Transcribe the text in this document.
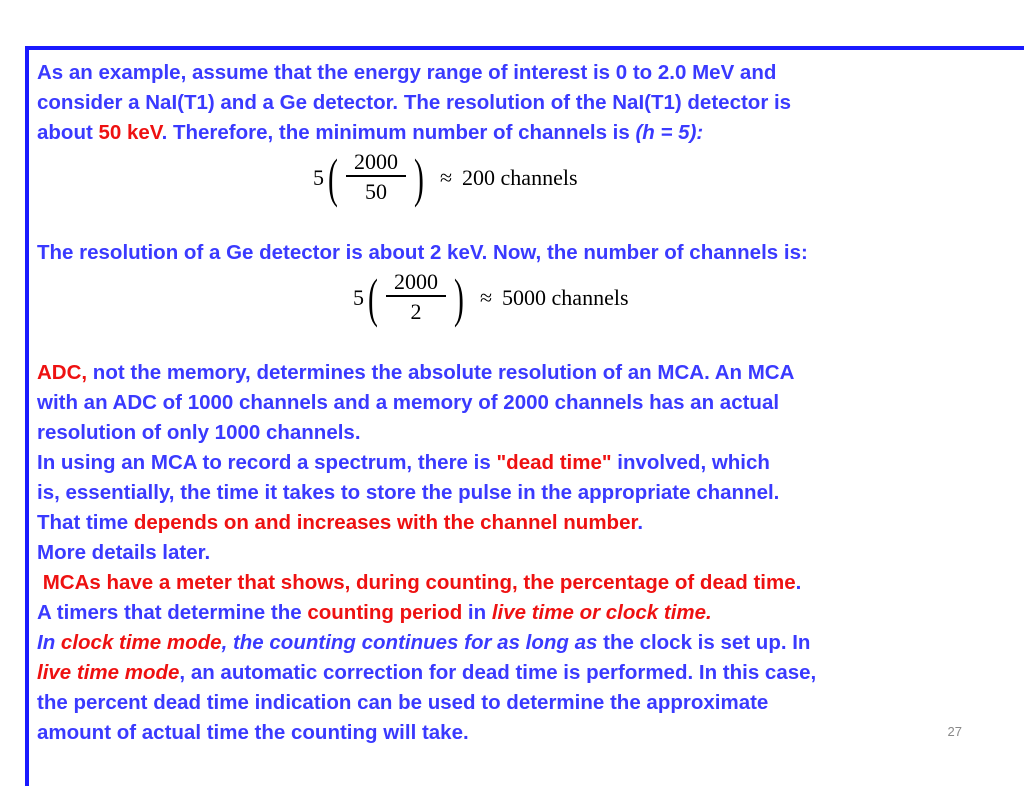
As an example, assume that the energy range of interest is 0 to 2.0 MeV and
consider a NaI(T1) and a Ge detector. The resolution of the NaI(T1) detector is
about 50 keV. Therefore, the minimum number of channels is (h = 5):
5 ( $\frac{2000}{50}$ ) ≈ 200 channels
The resolution of a Ge detector is about 2 keV. Now, the number of channels is:
5 ( $\frac{2000}{2}$ ) ≈ 5000 channels
ADC, not the memory, determines the absolute resolution of an MCA. An MCA
with an ADC of 1000 channels and a memory of 2000 channels has an actual
resolution of only 1000 channels.
In using an MCA to record a spectrum, there is "dead time" involved, which
is, essentially, the time it takes to store the pulse in the appropriate channel.
That time depends on and increases with the channel number.
More details later.
MCAs have a meter that shows, during counting, the percentage of dead time.
A timers that determine the counting period in live time or clock time.
In clock time mode, the counting continues for as long as the clock is set up. In
live time mode, an automatic correction for dead time is performed. In this case,
the percent dead time indication can be used to determine the approximate
amount of actual time the counting will take.	27
